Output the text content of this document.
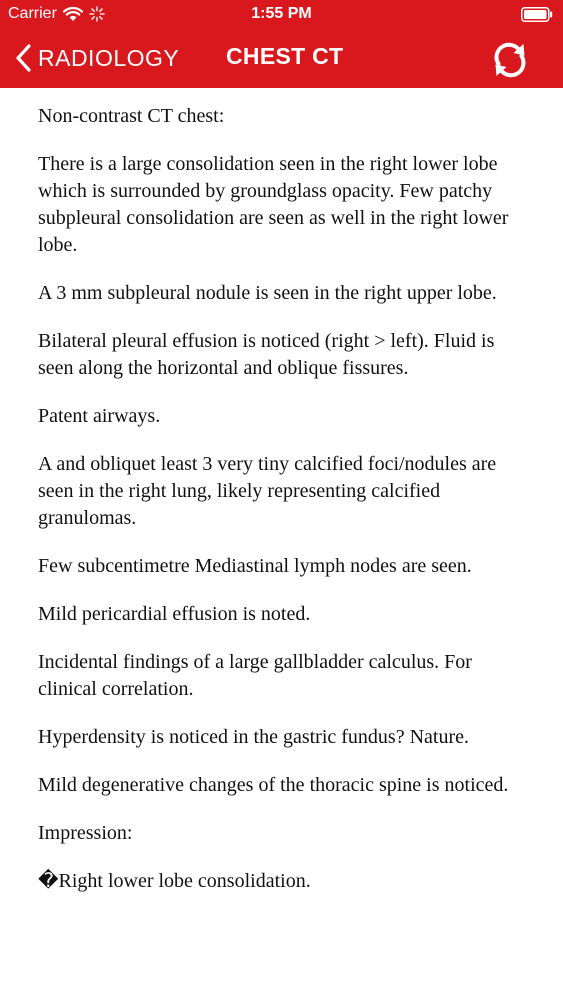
Carrier	1:55 PM
RADIOLOGY CHEST CT

Non-contrast CT chest:

There is a large consolidation seen in the right lower lobe which is surrounded by groundglass opacity. Few patchy subpleural consolidation are seen as well in the right lower lobe.

A 3 mm subpleural nodule is seen in the right upper lobe.

Bilateral pleural effusion is noticed (right > left). Fluid is seen along the horizontal and oblique fissures.

Patent airways.

A and obliquet least 3 very tiny calcified foci/nodules are seen in the right lung, likely representing calcified granulomas.

Few subcentimetre Mediastinal lymph nodes are seen.

Mild pericardial effusion is noted.

Incidental findings of a large gallbladder calculus. For clinical correlation.

Hyperdensity is noticed in the gastric fundus? Nature.

Mild degenerative changes of the thoracic spine is noticed.

Impression:

�Right lower lobe consolidation.
